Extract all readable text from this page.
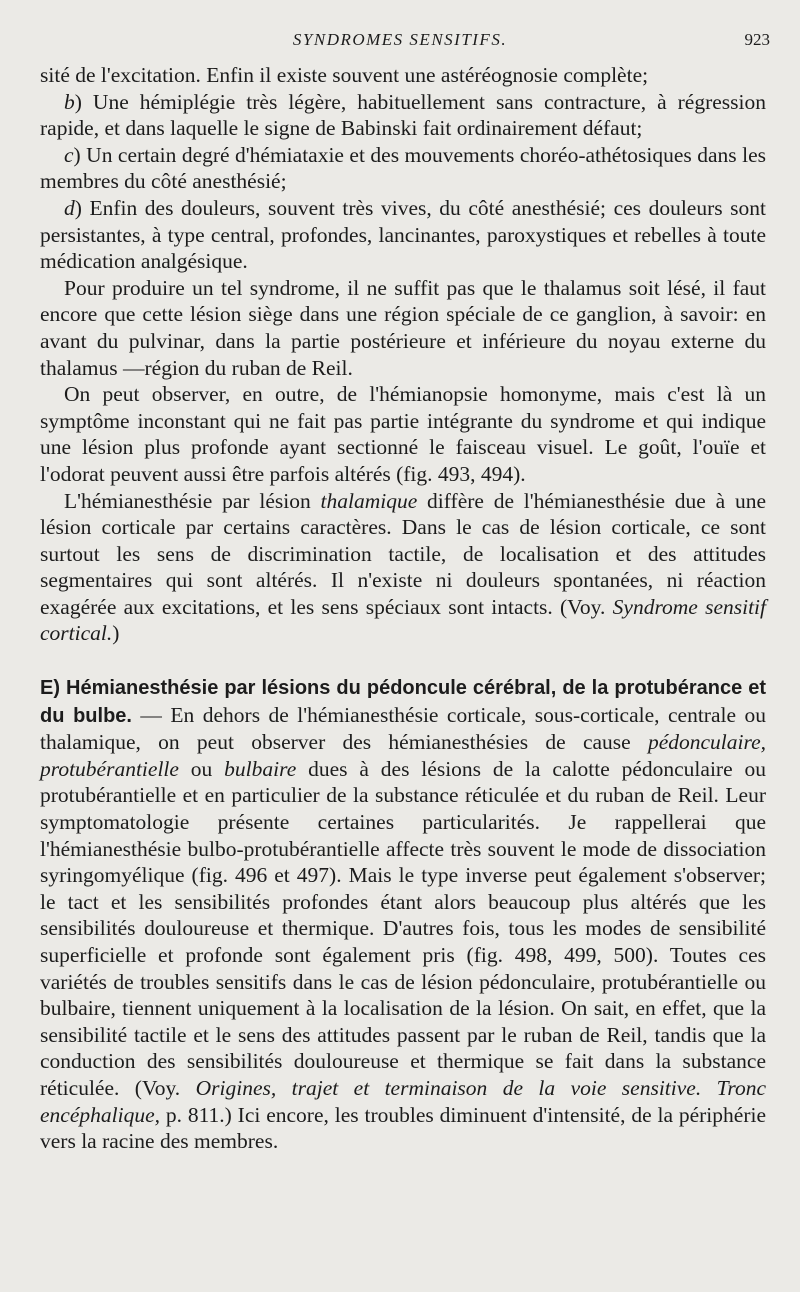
SYNDROMES SENSITIFS.	923

sité de l'excitation. Enfin il existe souvent une astéréognosie complète;

b) Une hémiplégie très légère, habituellement sans contracture, à régression rapide, et dans laquelle le signe de Babinski fait ordinairement défaut;

c) Un certain degré d'hémiataxie et des mouvements choréo-athétosiques dans les membres du côté anesthésié;

d) Enfin des douleurs, souvent très vives, du côté anesthésié; ces douleurs sont persistantes, à type central, profondes, lancinantes, paroxystiques et rebelles à toute médication analgésique.

Pour produire un tel syndrome, il ne suffit pas que le thalamus soit lésé, il faut encore que cette lésion siège dans une région spéciale de ce ganglion, à savoir: en avant du pulvinar, dans la partie postérieure et inférieure du noyau externe du thalamus —région du ruban de Reil.

On peut observer, en outre, de l'hémianopsie homonyme, mais c'est là un symptôme inconstant qui ne fait pas partie intégrante du syndrome et qui indique une lésion plus profonde ayant sectionné le faisceau visuel. Le goût, l'ouïe et l'odorat peuvent aussi être parfois altérés (fig. 493, 494).

L'hémianesthésie par lésion thalamique diffère de l'hémianesthésie due à une lésion corticale par certains caractères. Dans le cas de lésion corticale, ce sont surtout les sens de discrimination tactile, de localisation et des attitudes segmentaires qui sont altérés. Il n'existe ni douleurs spontanées, ni réaction exagérée aux excitations, et les sens spéciaux sont intacts. (Voy. Syndrome sensitif cortical.)

E) Hémianesthésie par lésions du pédoncule cérébral, de la protubérance et du bulbe. — En dehors de l'hémianesthésie corticale, sous-corticale, centrale ou thalamique, on peut observer des hémianesthésies de cause pédonculaire, protubérantielle ou bulbaire dues à des lésions de la calotte pédonculaire ou protubérantielle et en particulier de la substance réticulée et du ruban de Reil. Leur symptomatologie présente certaines particularités. Je rappellerai que l'hémianesthésie bulbo-protubérantielle affecte très souvent le mode de dissociation syringomyélique (fig. 496 et 497). Mais le type inverse peut également s'observer; le tact et les sensibilités profondes étant alors beaucoup plus altérés que les sensibilités douloureuse et thermique. D'autres fois, tous les modes de sensibilité superficielle et profonde sont également pris (fig. 498, 499, 500). Toutes ces variétés de troubles sensitifs dans le cas de lésion pédonculaire, protubérantielle ou bulbaire, tiennent uniquement à la localisation de la lésion. On sait, en effet, que la sensibilité tactile et le sens des attitudes passent par le ruban de Reil, tandis que la conduction des sensibilités douloureuse et thermique se fait dans la substance réticulée. (Voy. Origines, trajet et terminaison de la voie sensitive. Tronc encéphalique, p. 811.) Ici encore, les troubles diminuent d'intensité, de la périphérie vers la racine des membres.
